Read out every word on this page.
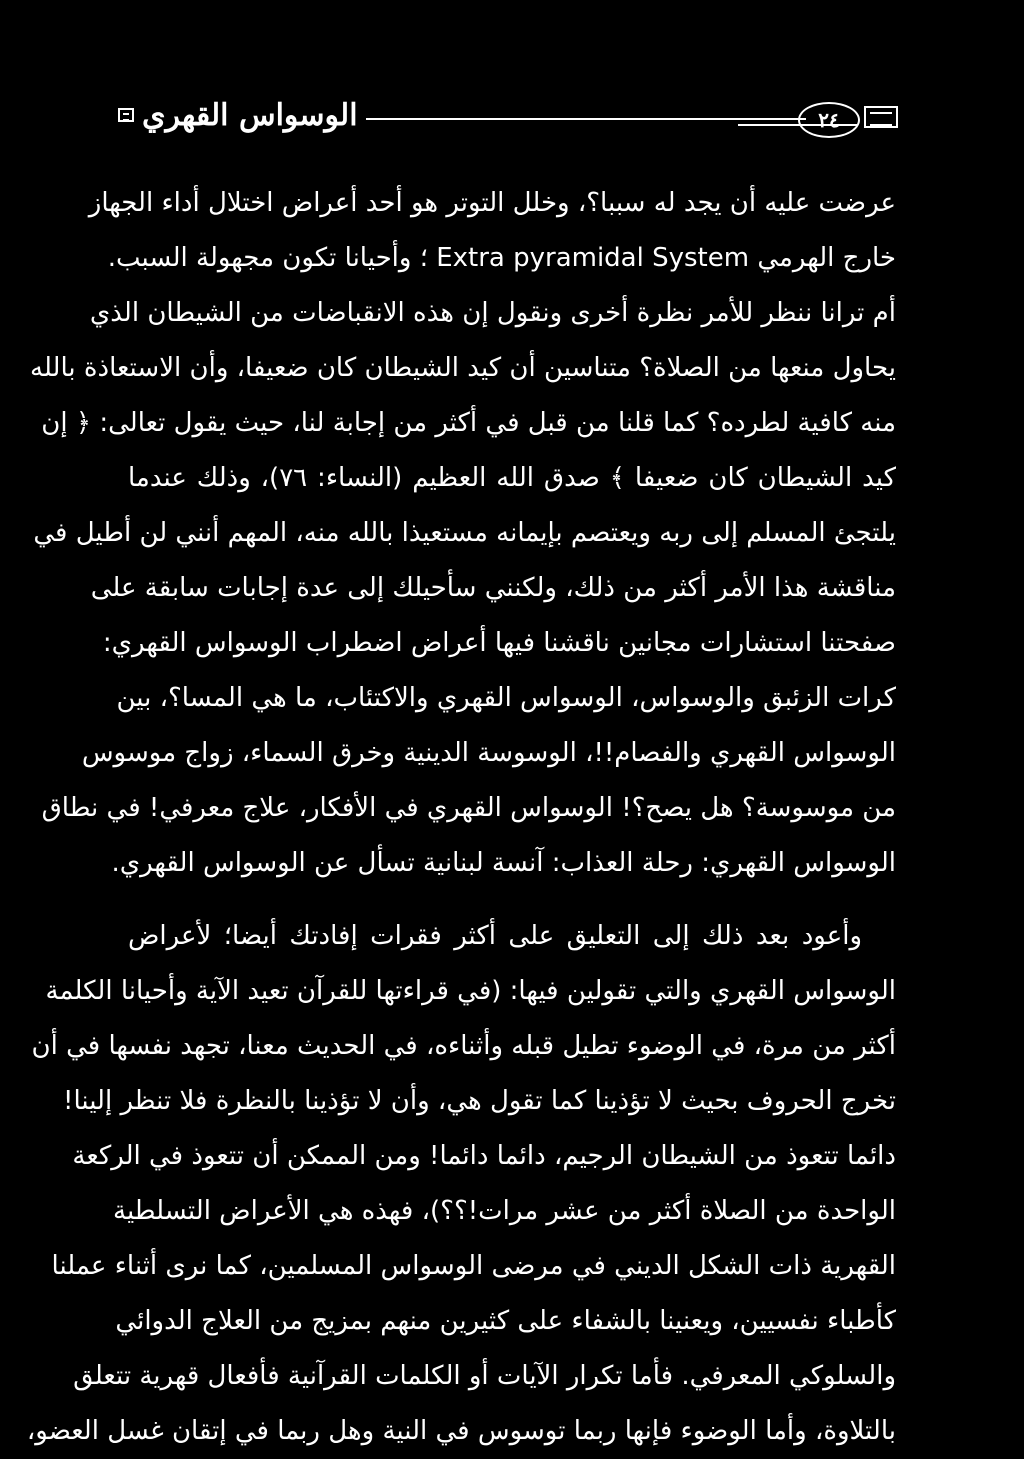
الوسواس القهري	٢٤
عرضت عليه أن يجد له سببا؟، وخلل التوتر هو أحد أعراض اختلال أداء الجهاز
خارج الهرمي Extra pyramidal System ؛ وأحيانا تكون مجهولة السبب.
أم ترانا ننظر للأمر نظرة أخرى ونقول إن هذه الانقباضات من الشيطان الذي
يحاول منعها من الصلاة؟ متناسين أن كيد الشيطان كان ضعيفا، وأن الاستعاذة بالله
منه كافية لطرده؟ كما قلنا من قبل في أكثر من إجابة لنا، حيث يقول تعالى: ﴿ إن
كيد الشيطان كان ضعيفا ﴾ صدق الله العظيم (النساء: ٧٦)، وذلك عندما
يلتجئ المسلم إلى ربه ويعتصم بإيمانه مستعيذا بالله منه، المهم أنني لن أطيل في
مناقشة هذا الأمر أكثر من ذلك، ولكنني سأحيلك إلى عدة إجابات سابقة على
صفحتنا استشارات مجانين ناقشنا فيها أعراض اضطراب الوسواس القهري:
كرات الزئبق والوسواس، الوسواس القهري والاكتئاب، ما هي المسا؟، بين
الوسواس القهري والفصام!!، الوسوسة الدينية وخرق السماء، زواج موسوس
من موسوسة؟ هل يصح؟! الوسواس القهري في الأفكار، علاج معرفي! في نطاق
الوسواس القهري: رحلة العذاب: آنسة لبنانية تسأل عن الوسواس القهري.
وأعود بعد ذلك إلى التعليق على أكثر فقرات إفادتك أيضا؛ لأعراض
الوسواس القهري والتي تقولين فيها: (في قراءتها للقرآن تعيد الآية وأحيانا الكلمة
أكثر من مرة، في الوضوء تطيل قبله وأثناءه، في الحديث معنا، تجهد نفسها في أن
تخرج الحروف بحيث لا تؤذينا كما تقول هي، وأن لا تؤذينا بالنظرة فلا تنظر إلينا!
دائما تتعوذ من الشيطان الرجيم، دائما دائما! ومن الممكن أن تتعوذ في الركعة
الواحدة من الصلاة أكثر من عشر مرات!؟؟)، فهذه هي الأعراض التسلطية
القهرية ذات الشكل الديني في مرضى الوسواس المسلمين، كما نرى أثناء عملنا
كأطباء نفسيين، ويعنينا بالشفاء على كثيرين منهم بمزيج من العلاج الدوائي
والسلوكي المعرفي. فأما تكرار الآيات أو الكلمات القرآنية فأفعال قهرية تتعلق
بالتلاوة، وأما الوضوء فإنها ربما توسوس في النية وهل ربما في إتقان غسل العضو،
